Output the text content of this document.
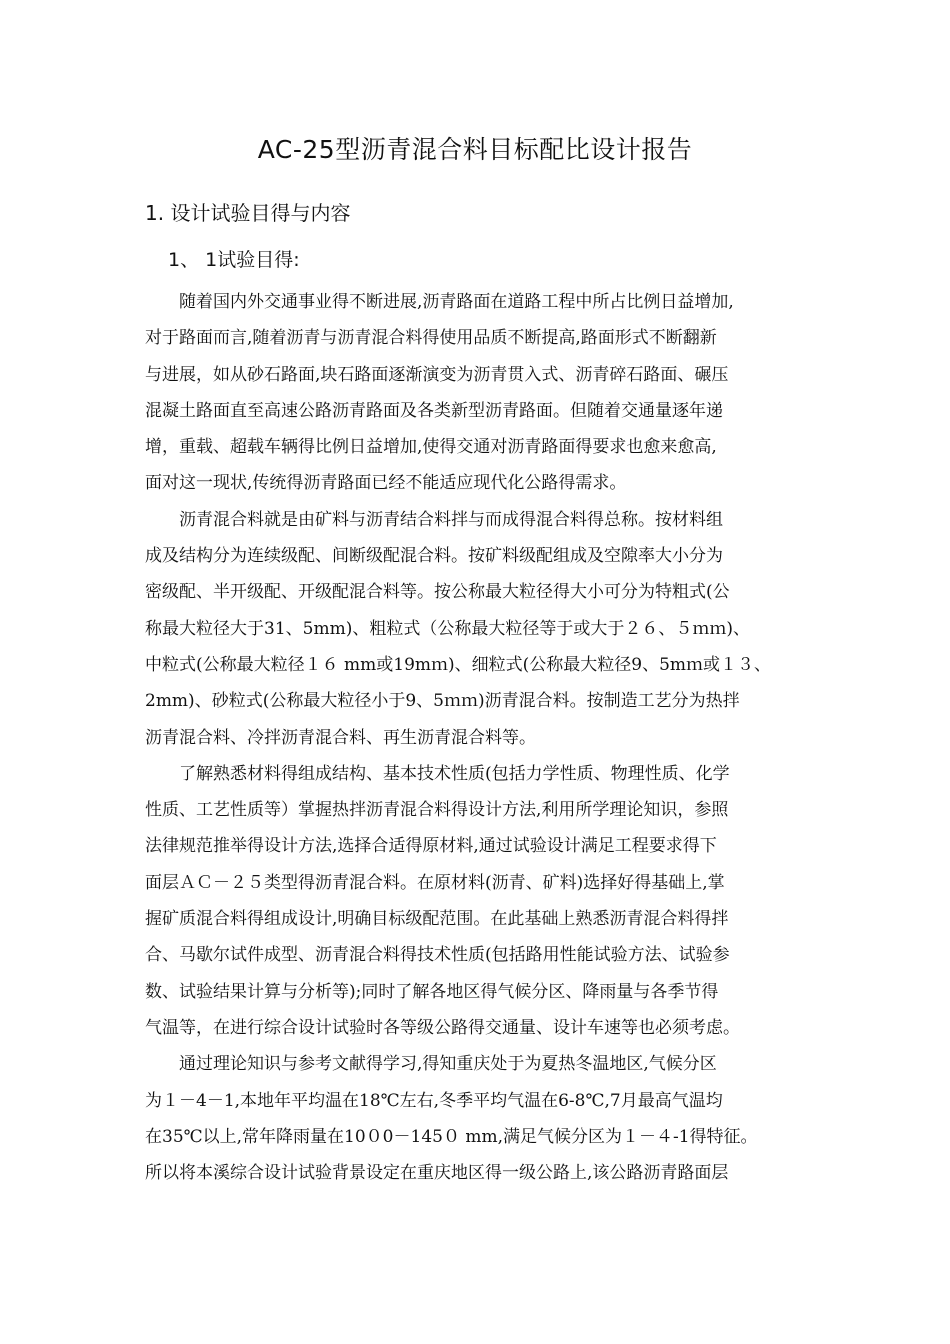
AC-25型沥青混合料目标配比设计报告
1. 设计试验目得与内容
1、 1试验目得:

随着国内外交通事业得不断进展,沥青路面在道路工程中所占比例日益增加,
对于路面而言,随着沥青与沥青混合料得使用品质不断提高,路面形式不断翻新
与进展，如从砂石路面,块石路面逐渐演变为沥青贯入式、沥青碎石路面、碾压
混凝土路面直至高速公路沥青路面及各类新型沥青路面。但随着交通量逐年递
增，重载、超载车辆得比例日益增加,使得交通对沥青路面得要求也愈来愈高,
面对这一现状,传统得沥青路面已经不能适应现代化公路得需求。

沥青混合料就是由矿料与沥青结合料拌与而成得混合料得总称。按材料组
成及结构分为连续级配、间断级配混合料。按矿料级配组成及空隙率大小分为
密级配、半开级配、开级配混合料等。按公称最大粒径得大小可分为特粗式(公
称最大粒径大于31、5mm)、粗粒式（公称最大粒径等于或大于２６、５ｍｍ)、
中粒式(公称最大粒径１６ mm或19mｍ)、细粒式(公称最大粒径9、5mｍ或１３、
2mm)、砂粒式(公称最大粒径小于9、5ｍｍ)沥青混合料。按制造工艺分为热拌
沥青混合料、冷拌沥青混合料、再生沥青混合料等。

了解熟悉材料得组成结构、基本技术性质(包括力学性质、物理性质、化学
性质、工艺性质等）掌握热拌沥青混合料得设计方法,利用所学理论知识，参照
法律规范推举得设计方法,选择合适得原材料,通过试验设计满足工程要求得下
面层ＡＣ－２５类型得沥青混合料。在原材料(沥青、矿料)选择好得基础上,掌
握矿质混合料得组成设计,明确目标级配范围。在此基础上熟悉沥青混合料得拌
合、马歇尔试件成型、沥青混合料得技术性质(包括路用性能试验方法、试验参
数、试验结果计算与分析等);同时了解各地区得气候分区、降雨量与各季节得
气温等，在进行综合设计试验时各等级公路得交通量、设计车速等也必须考虑。

通过理论知识与参考文献得学习,得知重庆处于为夏热冬温地区,气候分区
为１－4－1,本地年平均温在18℃左右,冬季平均气温在6-8℃,7月最高气温均
在35℃以上,常年降雨量在10０0－145０ mm,满足气候分区为１－４-1得特征。
所以将本溪综合设计试验背景设定在重庆地区得一级公路上,该公路沥青路面层
